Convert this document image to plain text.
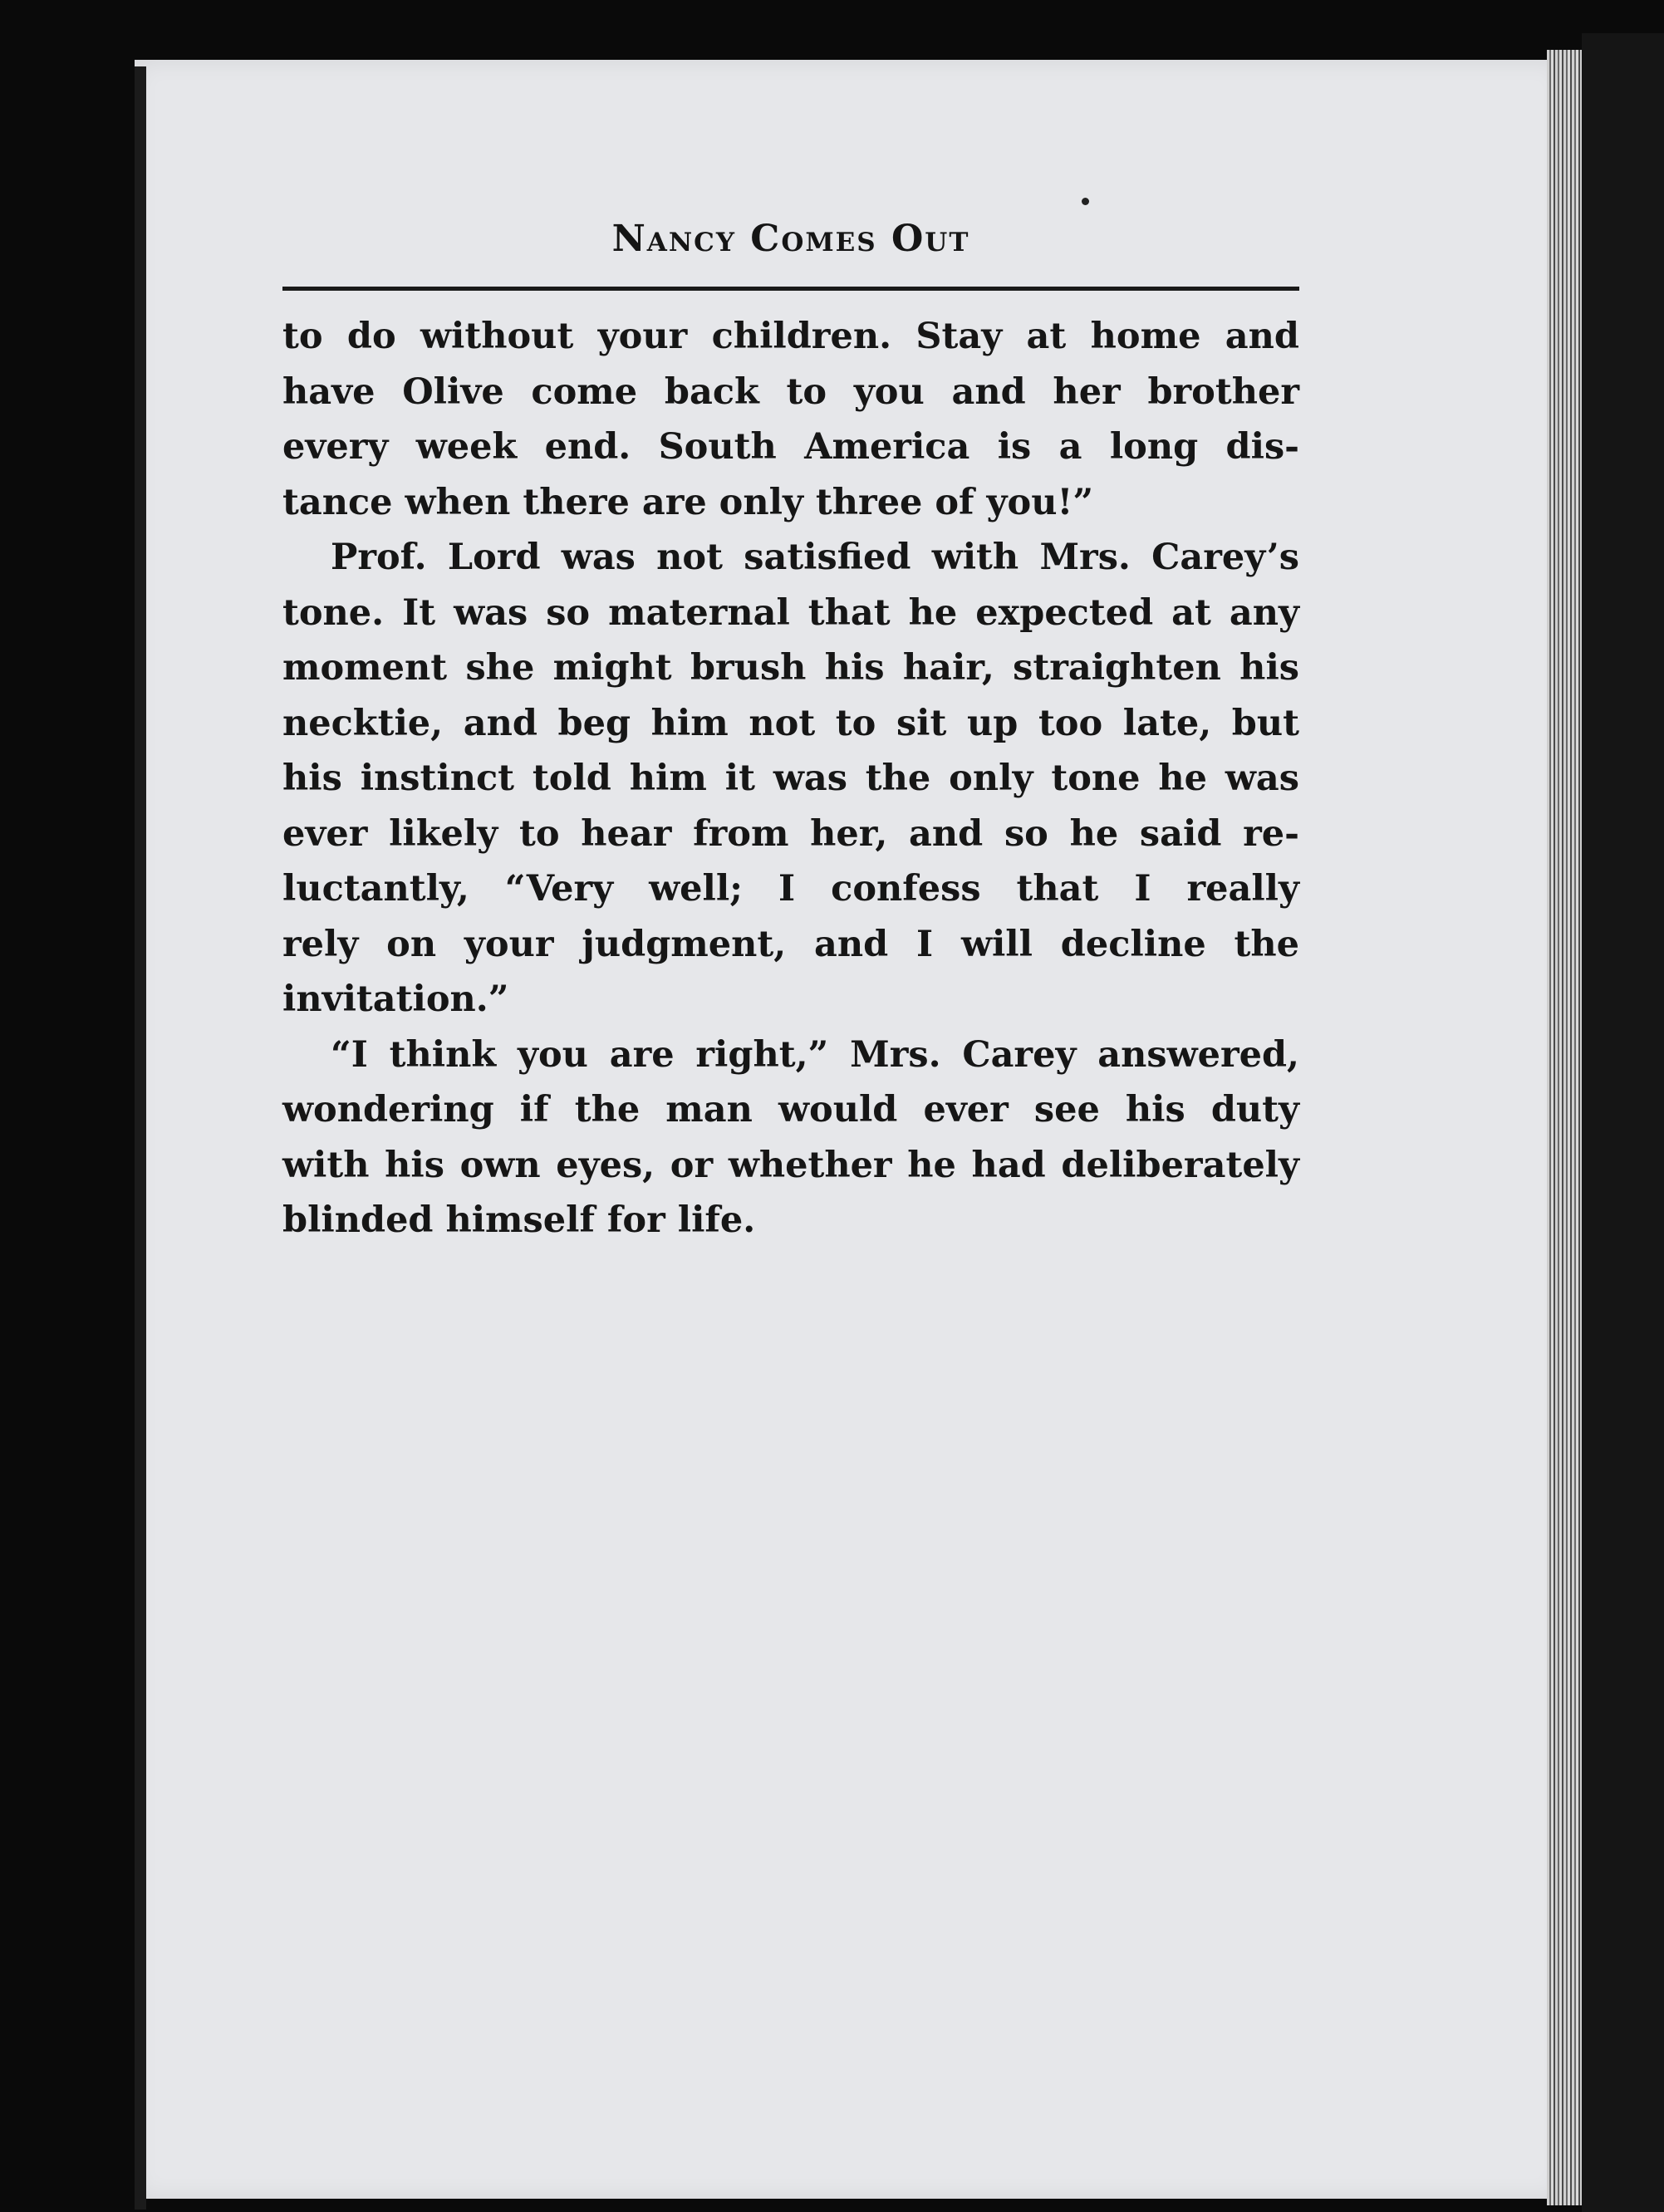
Nancy Comes Out
to do without your children. Stay at home and
have Olive come back to you and her brother
every week end. South America is a long dis-
tance when there are only three of you!”
Prof. Lord was not satisfied with Mrs. Carey’s
tone. It was so maternal that he expected at any
moment she might brush his hair, straighten his
necktie, and beg him not to sit up too late, but
his instinct told him it was the only tone he was
ever likely to hear from her, and so he said re-
luctantly, “Very well; I confess that I really
rely on your judgment, and I will decline the
invitation.”
“I think you are right,” Mrs. Carey answered,
wondering if the man would ever see his duty
with his own eyes, or whether he had deliberately
blinded himself for life.
